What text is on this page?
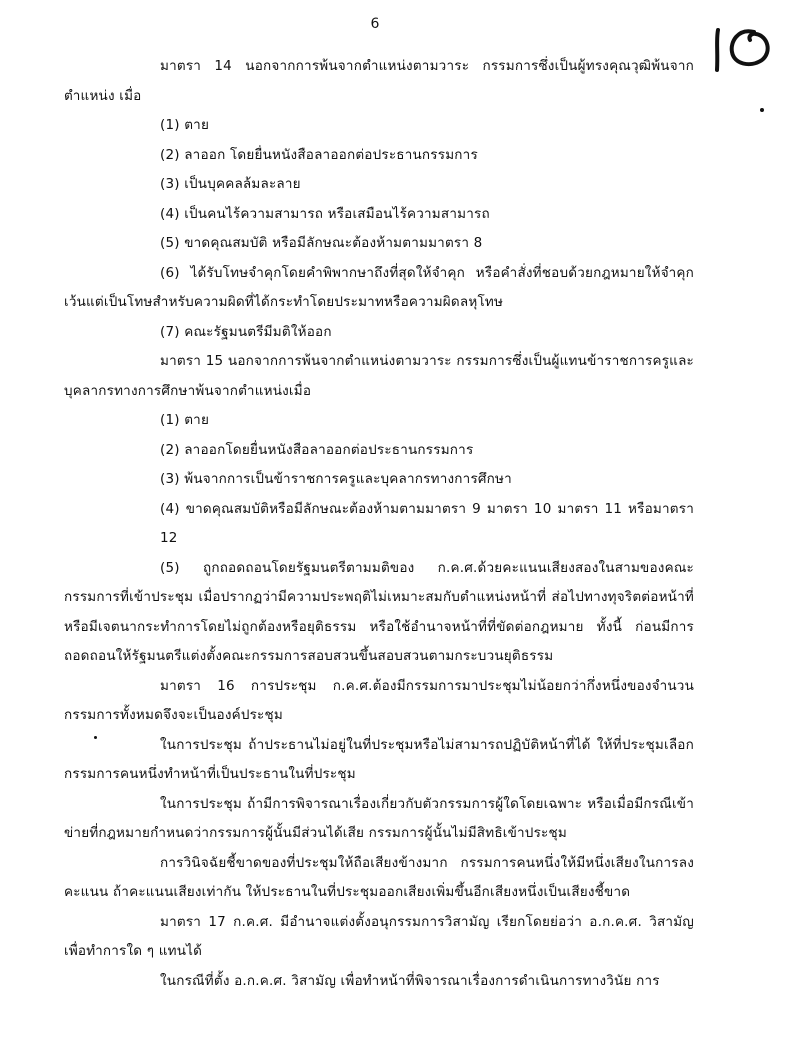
6

มาตรา 14 นอกจากการพ้นจากตำแหน่งตามวาระ กรรมการซึ่งเป็นผู้ทรงคุณวุฒิพ้นจากตำแหน่ง เมื่อ

(1) ตาย

(2) ลาออก โดยยื่นหนังสือลาออกต่อประธานกรรมการ

(3) เป็นบุคคลล้มละลาย

(4) เป็นคนไร้ความสามารถ หรือเสมือนไร้ความสามารถ

(5) ขาดคุณสมบัติ หรือมีลักษณะต้องห้ามตามมาตรา 8

(6) ได้รับโทษจำคุกโดยคำพิพากษาถึงที่สุดให้จำคุก หรือคำสั่งที่ชอบด้วยกฎหมายให้จำคุก เว้นแต่เป็นโทษสำหรับความผิดที่ได้กระทำโดยประมาทหรือความผิดลหุโทษ

(7) คณะรัฐมนตรีมีมติให้ออก

มาตรา 15 นอกจากการพ้นจากตำแหน่งตามวาระ กรรมการซึ่งเป็นผู้แทนข้าราชการครูและบุคลากรทางการศึกษาพ้นจากตำแหน่งเมื่อ

(1) ตาย

(2) ลาออกโดยยื่นหนังสือลาออกต่อประธานกรรมการ

(3) พ้นจากการเป็นข้าราชการครูและบุคลากรทางการศึกษา

(4) ขาดคุณสมบัติหรือมีลักษณะต้องห้ามตามมาตรา 9 มาตรา 10 มาตรา 11 หรือมาตรา 12

(5) ถูกถอดถอนโดยรัฐมนตรีตามมติของ ก.ค.ศ.ด้วยคะแนนเสียงสองในสามของคณะกรรมการที่เข้าประชุม เมื่อปรากฏว่ามีความประพฤติไม่เหมาะสมกับตำแหน่งหน้าที่ ส่อไปทางทุจริตต่อหน้าที่ หรือมีเจตนากระทำการโดยไม่ถูกต้องหรือยุติธรรม หรือใช้อำนาจหน้าที่ที่ขัดต่อกฎหมาย ทั้งนี้ ก่อนมีการถอดถอนให้รัฐมนตรีแต่งตั้งคณะกรรมการสอบสวนขึ้นสอบสวนตามกระบวนยุติธรรม

มาตรา 16 การประชุม ก.ค.ศ.ต้องมีกรรมการมาประชุมไม่น้อยกว่ากึ่งหนึ่งของจำนวนกรรมการทั้งหมดจึงจะเป็นองค์ประชุม

ในการประชุม ถ้าประธานไม่อยู่ในที่ประชุมหรือไม่สามารถปฏิบัติหน้าที่ได้ ให้ที่ประชุมเลือกกรรมการคนหนึ่งทำหน้าที่เป็นประธานในที่ประชุม

ในการประชุม ถ้ามีการพิจารณาเรื่องเกี่ยวกับตัวกรรมการผู้ใดโดยเฉพาะ หรือเมื่อมีกรณีเข้าข่ายที่กฎหมายกำหนดว่ากรรมการผู้นั้นมีส่วนได้เสีย กรรมการผู้นั้นไม่มีสิทธิเข้าประชุม

การวินิจฉัยชี้ขาดของที่ประชุมให้ถือเสียงข้างมาก กรรมการคนหนึ่งให้มีหนึ่งเสียงในการลงคะแนน ถ้าคะแนนเสียงเท่ากัน ให้ประธานในที่ประชุมออกเสียงเพิ่มขึ้นอีกเสียงหนึ่งเป็นเสียงชี้ขาด

มาตรา 17 ก.ค.ศ. มีอำนาจแต่งตั้งอนุกรรมการวิสามัญ เรียกโดยย่อว่า อ.ก.ค.ศ. วิสามัญเพื่อทำการใด ๆ แทนได้

ในกรณีที่ตั้ง อ.ก.ค.ศ. วิสามัญ เพื่อทำหน้าที่พิจารณาเรื่องการดำเนินการทางวินัย การ
